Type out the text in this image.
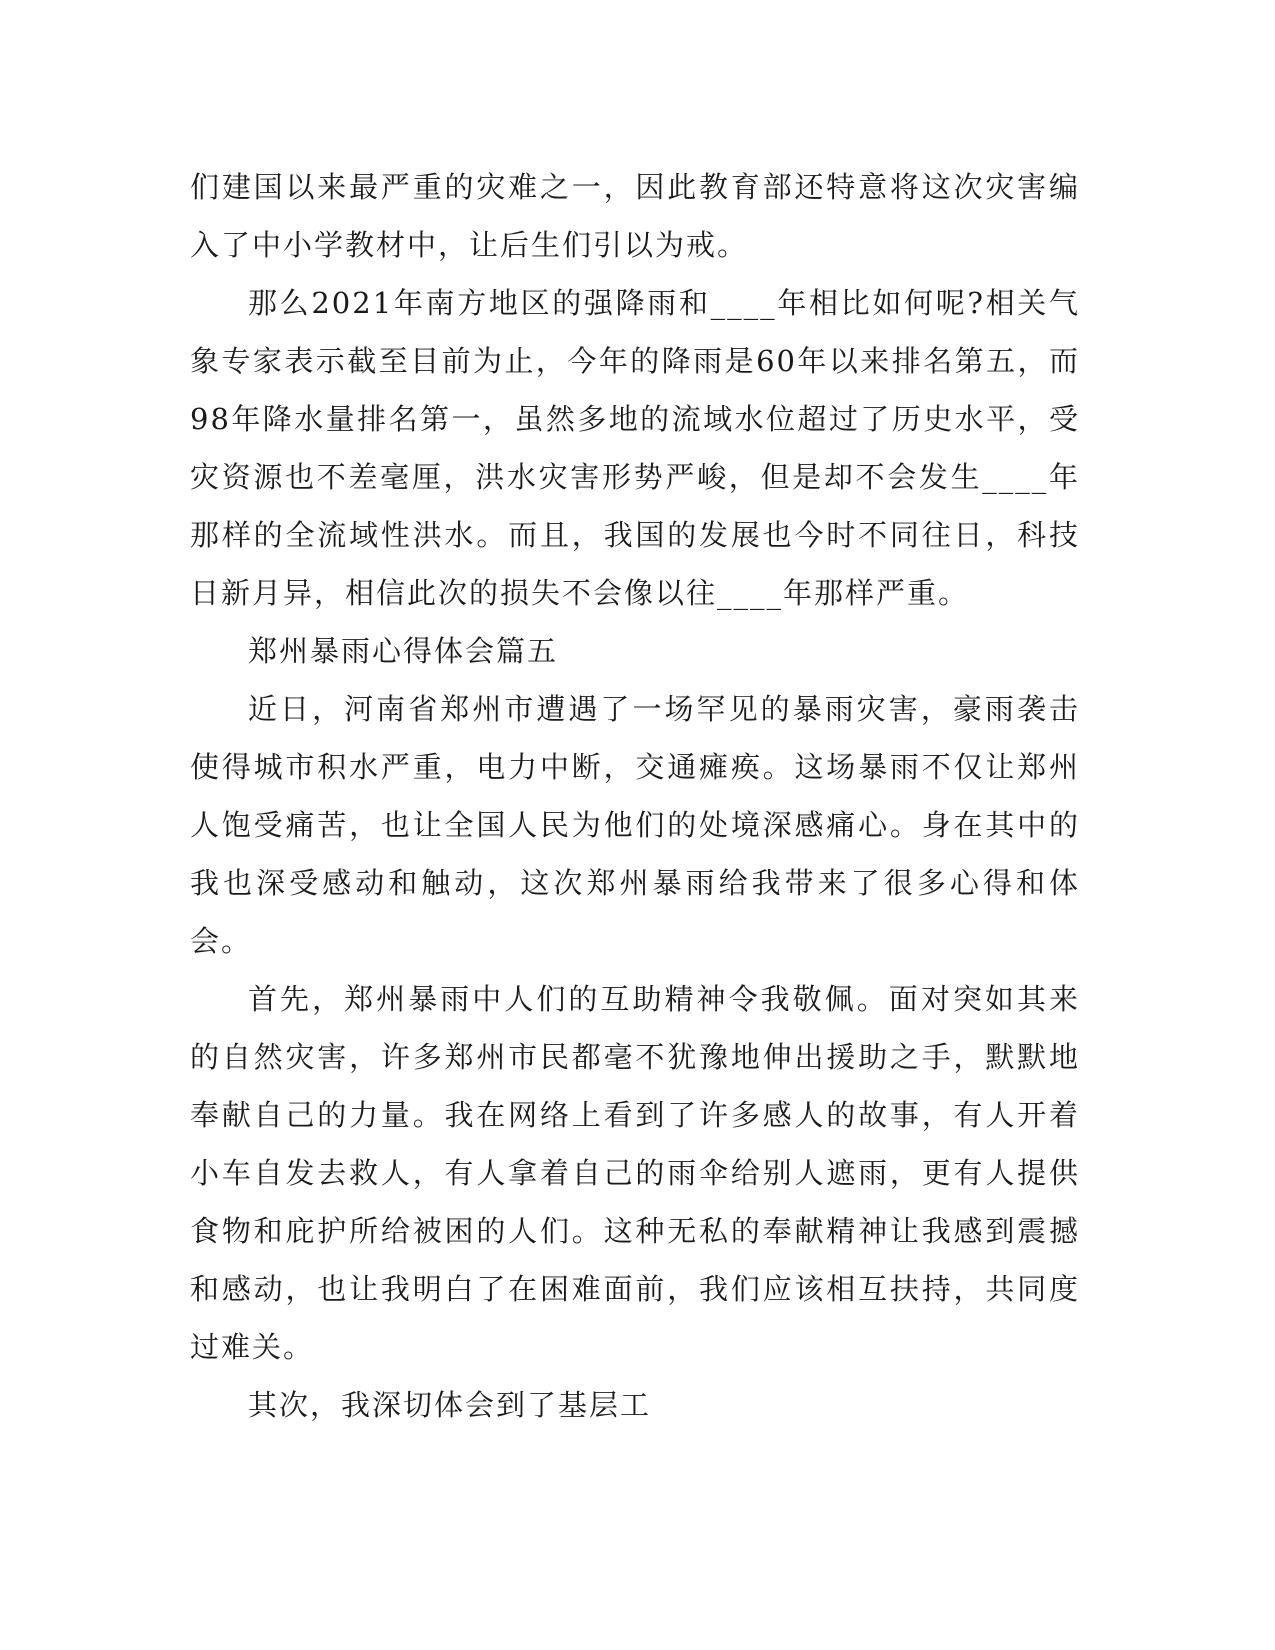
们建国以来最严重的灾难之一，因此教育部还特意将这次灾害编入了中小学教材中，让后生们引以为戒。

那么2021年南方地区的强降雨和____年相比如何呢?相关气象专家表示截至目前为止，今年的降雨是60年以来排名第五，而98年降水量排名第一，虽然多地的流域水位超过了历史水平，受灾资源也不差毫厘，洪水灾害形势严峻，但是却不会发生____年那样的全流域性洪水。而且，我国的发展也今时不同往日，科技日新月异，相信此次的损失不会像以往____年那样严重。

郑州暴雨心得体会篇五

近日，河南省郑州市遭遇了一场罕见的暴雨灾害，豪雨袭击使得城市积水严重，电力中断，交通瘫痪。这场暴雨不仅让郑州人饱受痛苦，也让全国人民为他们的处境深感痛心。身在其中的我也深受感动和触动，这次郑州暴雨给我带来了很多心得和体会。

首先，郑州暴雨中人们的互助精神令我敬佩。面对突如其来的自然灾害，许多郑州市民都毫不犹豫地伸出援助之手，默默地奉献自己的力量。我在网络上看到了许多感人的故事，有人开着小车自发去救人，有人拿着自己的雨伞给别人遮雨，更有人提供食物和庇护所给被困的人们。这种无私的奉献精神让我感到震撼和感动，也让我明白了在困难面前，我们应该相互扶持，共同度过难关。

其次，我深切体会到了基层工
